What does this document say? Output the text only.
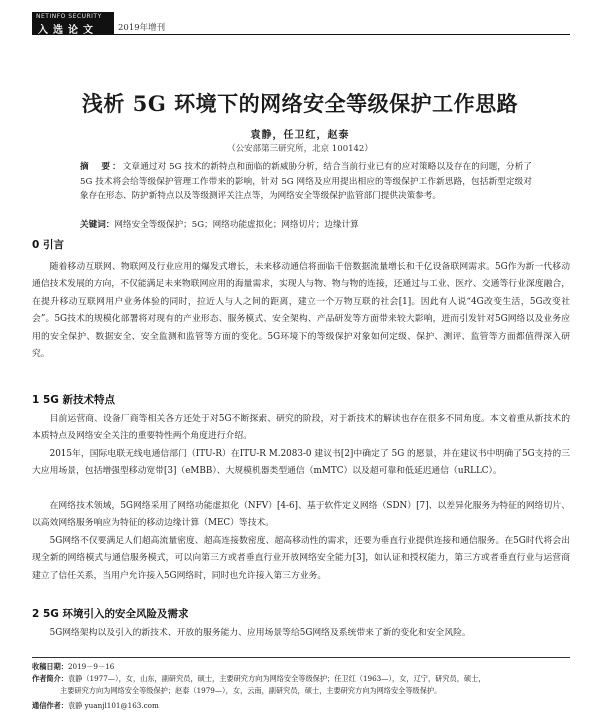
NETINFO SECURITY
入选论文 2019年增刊
浅析 5G 环境下的网络安全等级保护工作思路
袁静，任卫红，赵泰
（公安部第三研究所，北京 100142）
摘　要：文章通过对 5G 技术的新特点和面临的新威胁分析，结合当前行业已有的应对策略以及存在的问题，分析了 5G 技术将会给等级保护管理工作带来的影响，针对 5G 网络及应用提出相应的等级保护工作新思路，包括新型定级对象存在形态、防护新特点以及等级测评关注点等，为网络安全等级保护监管部门提供决策参考。
关键词：网络安全等级保护；5G；网络功能虚拟化；网络切片；边缘计算
0 引言
随着移动互联网、物联网及行业应用的爆发式增长，未来移动通信将面临千倍数据流量增长和千亿设备联网需求。5G作为新一代移动通信技术发展的方向，不仅能满足未来物联网应用的海量需求，实现人与物、物与物的连接，还通过与工业、医疗、交通等行业深度融合，在提升移动互联网用户业务体验的同时，拉近人与人之间的距离，建立一个万物互联的社会[1]。因此有人说“4G改变生活，5G改变社会”。5G技术的规模化部署将对现有的产业形态、服务模式、安全架构、产品研发等方面带来较大影响，进而引发针对5G网络以及业务应用的安全保护、数据安全、安全监测和监管等方面的变化。5G环境下的等级保护对象如何定级、保护、测评、监管等方面都值得深入研究。
1 5G 新技术特点
目前运营商、设备厂商等相关各方还处于对5G不断探索、研究的阶段，对于新技术的解读也存在很多不同角度。本文着重从新技术的本质特点及网络安全关注的重要特性两个角度进行介绍。
2015年，国际电联无线电通信部门（ITU-R）在ITU-R M.2083-0 建议书[2]中确定了 5G 的愿景，并在建议书中明确了5G支持的三大应用场景，包括增强型移动宽带[3]（eMBB）、大规模机器类型通信（mMTC）以及超可靠和低延迟通信（uRLLC）。
在网络技术领域，5G网络采用了网络功能虚拟化（NFV）[4-6]、基于软件定义网络（SDN）[7]、以差异化服务为特征的网络切片、以高效网络服务响应为特征的移动边缘计算（MEC）等技术。
5G网络不仅要满足人们超高流量密度、超高连接数密度、超高移动性的需求，还要为垂直行业提供连接和通信服务。在5G时代将会出现全新的网络模式与通信服务模式，可以向第三方或者垂直行业开放网络安全能力[3]，如认证和授权能力，第三方或者垂直行业与运营商建立了信任关系，当用户允许接入5G网络时，同时也允许接入第三方业务。
2 5G 环境引入的安全风险及需求
5G网络架构以及引入的新技术、开放的服务能力、应用场景等给5G网络及系统带来了新的变化和安全风险。
收稿日期：2019－9－16
作者简介：袁静（1977—），女，山东，副研究员，硕士，主要研究方向为网络安全等级保护；任卫红（1963—），女，辽宁，研究员，硕士，
主要研究方向为网络安全等级保护；赵泰（1979—），女，云南，副研究员，硕士，主要研究方向为网络安全等级保护。
通信作者：袁静 yuanjl101@163.com
